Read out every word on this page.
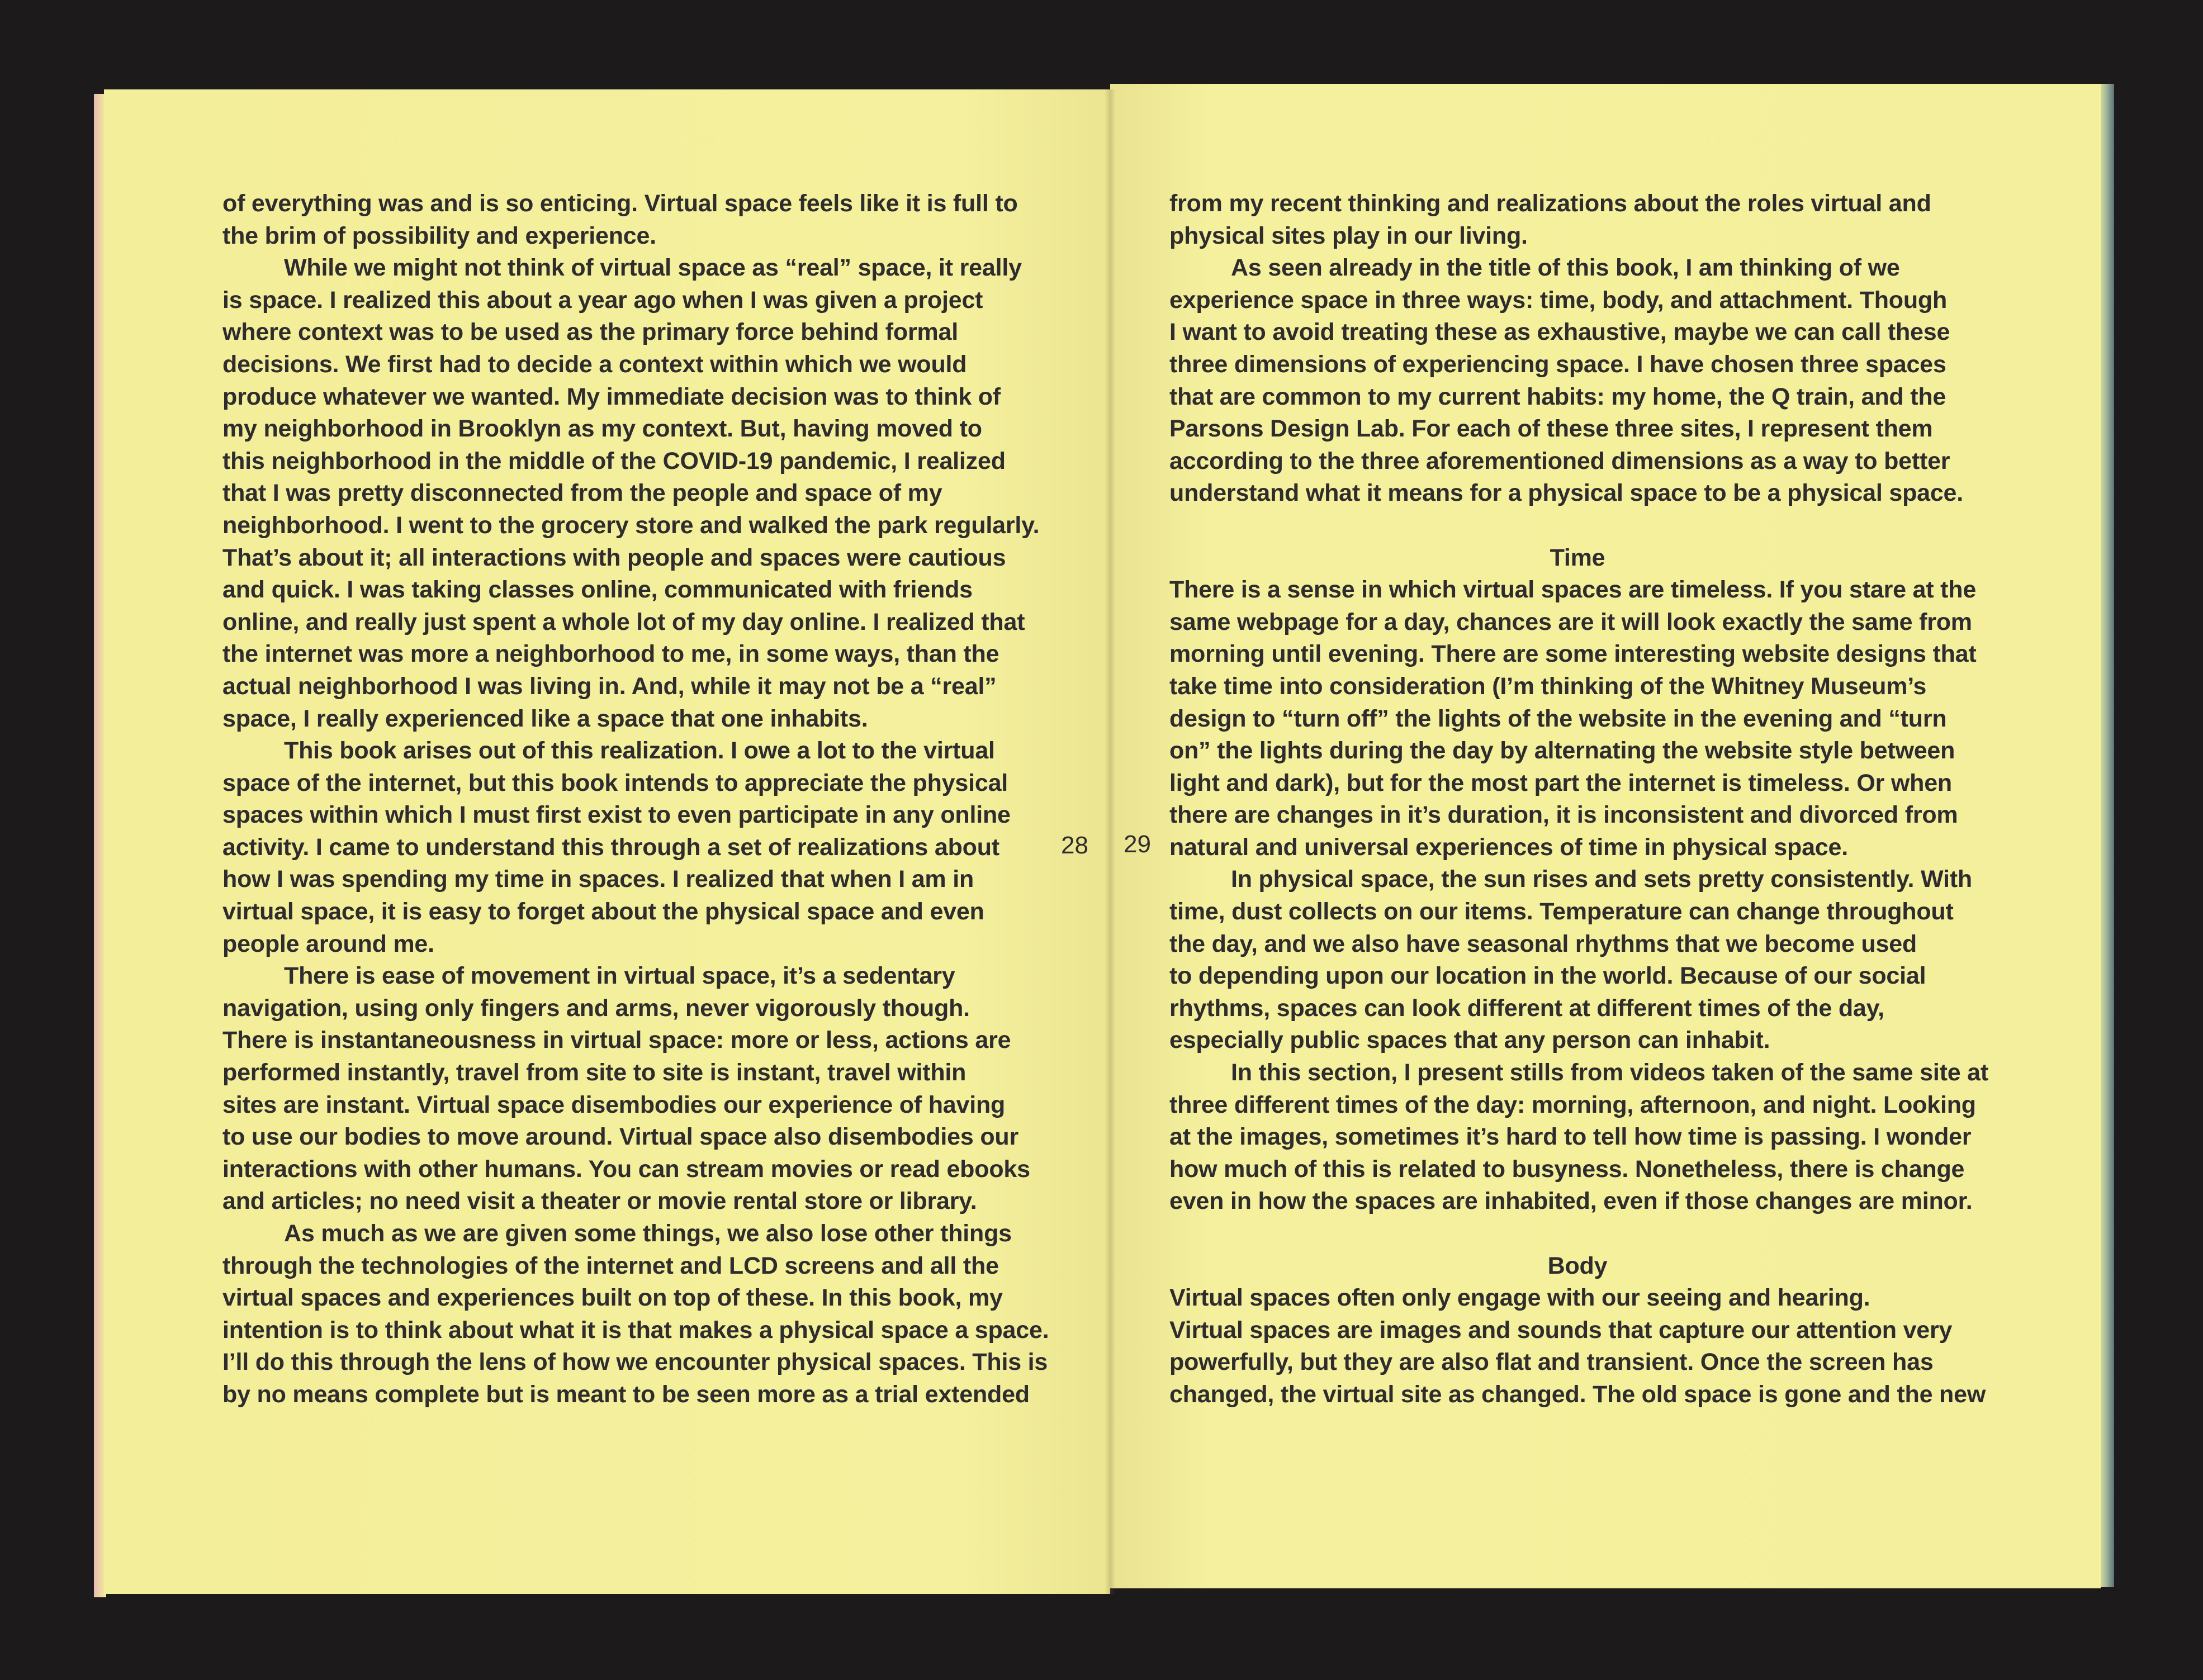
of everything was and is so enticing. Virtual space feels like it is full to
the brim of possibility and experience.
While we might not think of virtual space as “real” space, it really
is space. I realized this about a year ago when I was given a project
where context was to be used as the primary force behind formal
decisions. We first had to decide a context within which we would
produce whatever we wanted. My immediate decision was to think of
my neighborhood in Brooklyn as my context. But, having moved to
this neighborhood in the middle of the COVID-19 pandemic, I realized
that I was pretty disconnected from the people and space of my
neighborhood. I went to the grocery store and walked the park regularly.
That’s about it; all interactions with people and spaces were cautious
and quick. I was taking classes online, communicated with friends
online, and really just spent a whole lot of my day online. I realized that
the internet was more a neighborhood to me, in some ways, than the
actual neighborhood I was living in. And, while it may not be a “real”
space, I really experienced like a space that one inhabits.
This book arises out of this realization. I owe a lot to the virtual
space of the internet, but this book intends to appreciate the physical
spaces within which I must first exist to even participate in any online
activity. I came to understand this through a set of realizations about
how I was spending my time in spaces. I realized that when I am in
virtual space, it is easy to forget about the physical space and even
people around me.
There is ease of movement in virtual space, it’s a sedentary
navigation, using only fingers and arms, never vigorously though.
There is instantaneousness in virtual space: more or less, actions are
performed instantly, travel from site to site is instant, travel within
sites are instant. Virtual space disembodies our experience of having
to use our bodies to move around. Virtual space also disembodies our
interactions with other humans. You can stream movies or read ebooks
and articles; no need visit a theater or movie rental store or library.
As much as we are given some things, we also lose other things
through the technologies of the internet and LCD screens and all the
virtual spaces and experiences built on top of these. In this book, my
intention is to think about what it is that makes a physical space a space.
I’ll do this through the lens of how we encounter physical spaces. This is
by no means complete but is meant to be seen more as a trial extended
from my recent thinking and realizations about the roles virtual and
physical sites play in our living.
As seen already in the title of this book, I am thinking of we
experience space in three ways: time, body, and attachment. Though
I want to avoid treating these as exhaustive, maybe we can call these
three dimensions of experiencing space. I have chosen three spaces
that are common to my current habits: my home, the Q train, and the
Parsons Design Lab. For each of these three sites, I represent them
according to the three aforementioned dimensions as a way to better
understand what it means for a physical space to be a physical space.
Time
There is a sense in which virtual spaces are timeless. If you stare at the
same webpage for a day, chances are it will look exactly the same from
morning until evening. There are some interesting website designs that
take time into consideration (I’m thinking of the Whitney Museum’s
design to “turn off” the lights of the website in the evening and “turn
on” the lights during the day by alternating the website style between
light and dark), but for the most part the internet is timeless. Or when
there are changes in it’s duration, it is inconsistent and divorced from
natural and universal experiences of time in physical space.
In physical space, the sun rises and sets pretty consistently. With
time, dust collects on our items. Temperature can change throughout
the day, and we also have seasonal rhythms that we become used
to depending upon our location in the world. Because of our social
rhythms, spaces can look different at different times of the day,
especially public spaces that any person can inhabit.
In this section, I present stills from videos taken of the same site at
three different times of the day: morning, afternoon, and night. Looking
at the images, sometimes it’s hard to tell how time is passing. I wonder
how much of this is related to busyness. Nonetheless, there is change
even in how the spaces are inhabited, even if those changes are minor.
Body
Virtual spaces often only engage with our seeing and hearing.
Virtual spaces are images and sounds that capture our attention very
powerfully, but they are also flat and transient. Once the screen has
changed, the virtual site as changed. The old space is gone and the new
28 29
